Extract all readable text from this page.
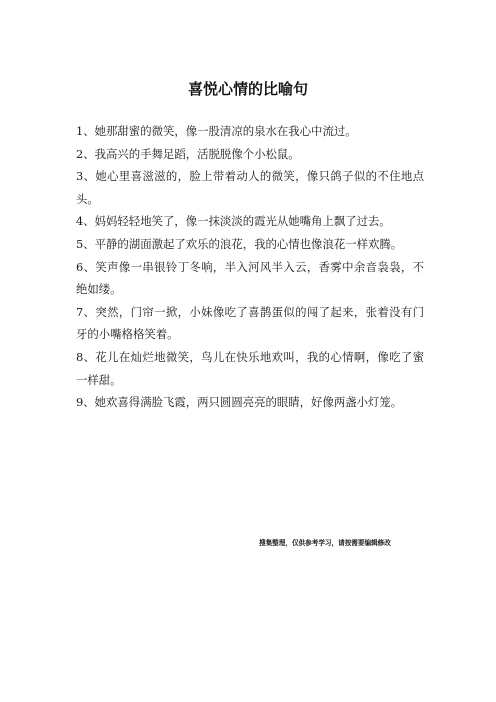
喜悦心情的比喻句
1、她那甜蜜的微笑，像一股清凉的泉水在我心中流过。
2、我高兴的手舞足蹈，活脱脱像个小松鼠。
3、她心里喜滋滋的，脸上带着动人的微笑，像只鸽子似的不住地点头。
4、妈妈轻轻地笑了，像一抹淡淡的霞光从她嘴角上飘了过去。
5、平静的湖面激起了欢乐的浪花，我的心情也像浪花一样欢腾。
6、笑声像一串银铃丁冬响，半入河风半入云，香雾中余音袅袅，不绝如缕。
7、突然，门帘一掀，小妹像吃了喜鹊蛋似的闯了起来，张着没有门牙的小嘴格格笑着。
8、花儿在灿烂地微笑，鸟儿在快乐地欢叫，我的心情啊，像吃了蜜一样甜。
9、她欢喜得满脸飞霞，两只圆圆亮亮的眼睛，好像两盏小灯笼。
搜集整理，仅供参考学习，请按需要编辑修改
